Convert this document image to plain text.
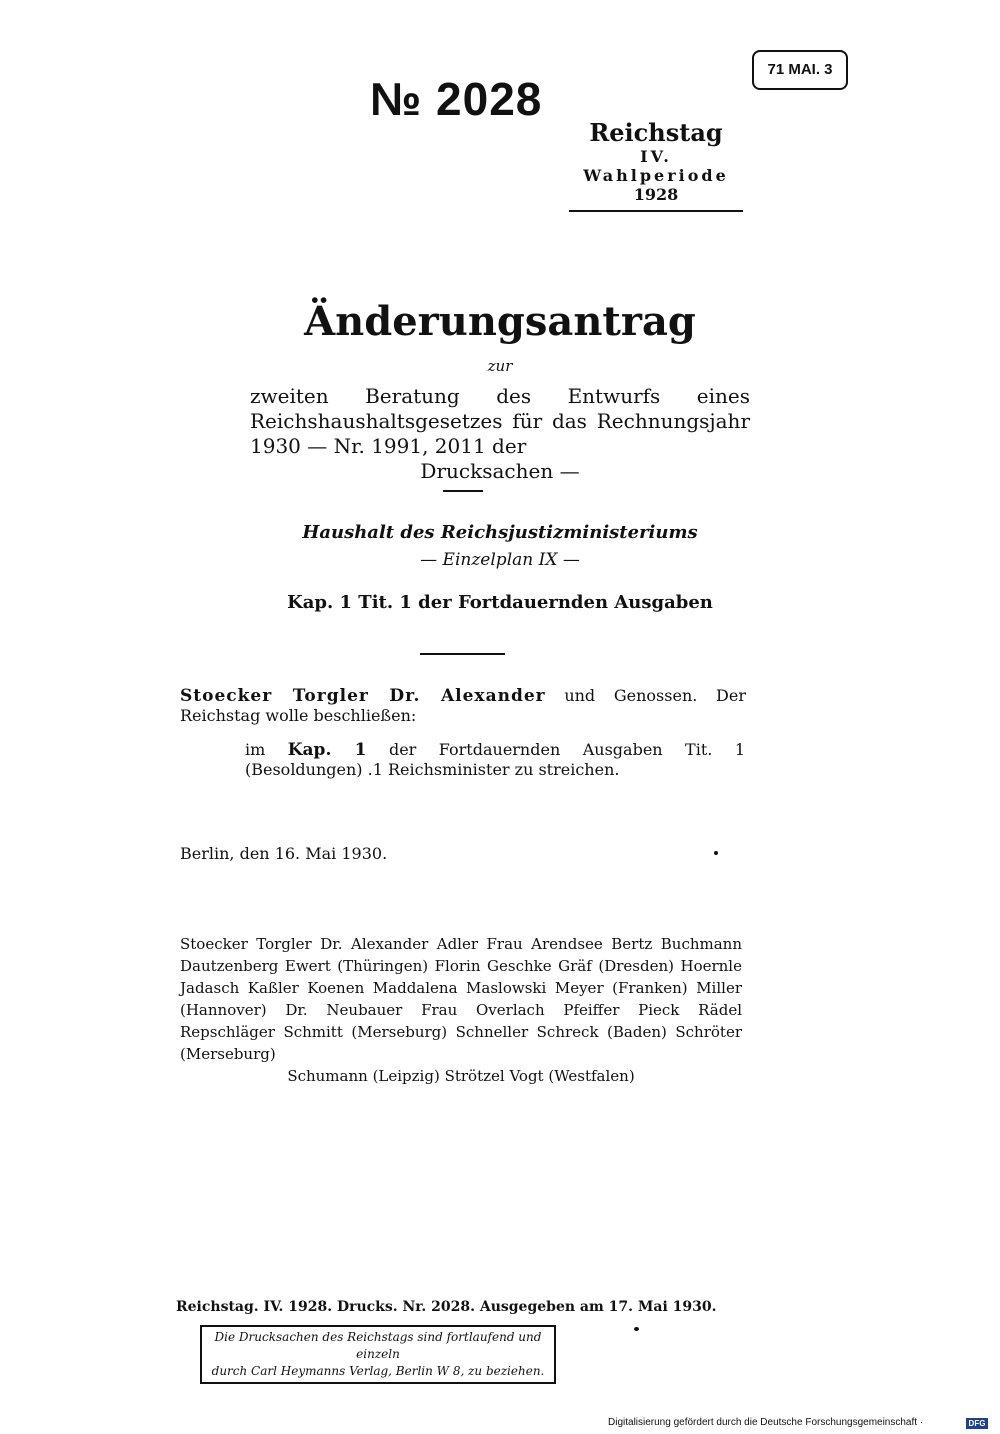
№ 2028
71 MAI. 3
Reichstag
IV. Wahlperiode
1928
Änderungsantrag
zur
zweiten Beratung des Entwurfs eines Reichshaushaltsgesetzes für das Rechnungsjahr 1930 — Nr. 1991, 2011 der
Drucksachen —
Haushalt des Reichsjustizministeriums
— Einzelplan IX —
Kap. 1 Tit. 1 der Fortdauernden Ausgaben
Stoecker Torgler Dr. Alexander und Genossen. Der Reichstag wolle beschließen:
im Kap. 1 der Fortdauernden Ausgaben Tit. 1 (Besoldungen) .1 Reichsminister zu streichen.
Berlin, den 16. Mai 1930.
Stoecker Torgler Dr. Alexander Adler Frau Arendsee Bertz Buchmann Dautzenberg Ewert (Thüringen) Florin Geschke Gräf (Dresden) Hoernle Jadasch Kaßler Koenen Maddalena Maslowski Meyer (Franken) Miller (Hannover) Dr. Neubauer Frau Overlach Pfeiffer Pieck Rädel Repschläger Schmitt (Merseburg) Schneller Schreck (Baden) Schröter (Merseburg)
Schumann (Leipzig) Strötzel Vogt (Westfalen)
Reichstag. IV. 1928. Drucks. Nr. 2028. Ausgegeben am 17. Mai 1930.
Die Drucksachen des Reichstags sind fortlaufend und einzeln
durch Carl Heymanns Verlag, Berlin W 8, zu beziehen.
Digitalisierung gefördert durch die Deutsche Forschungsgemeinschaft ·	DFG
